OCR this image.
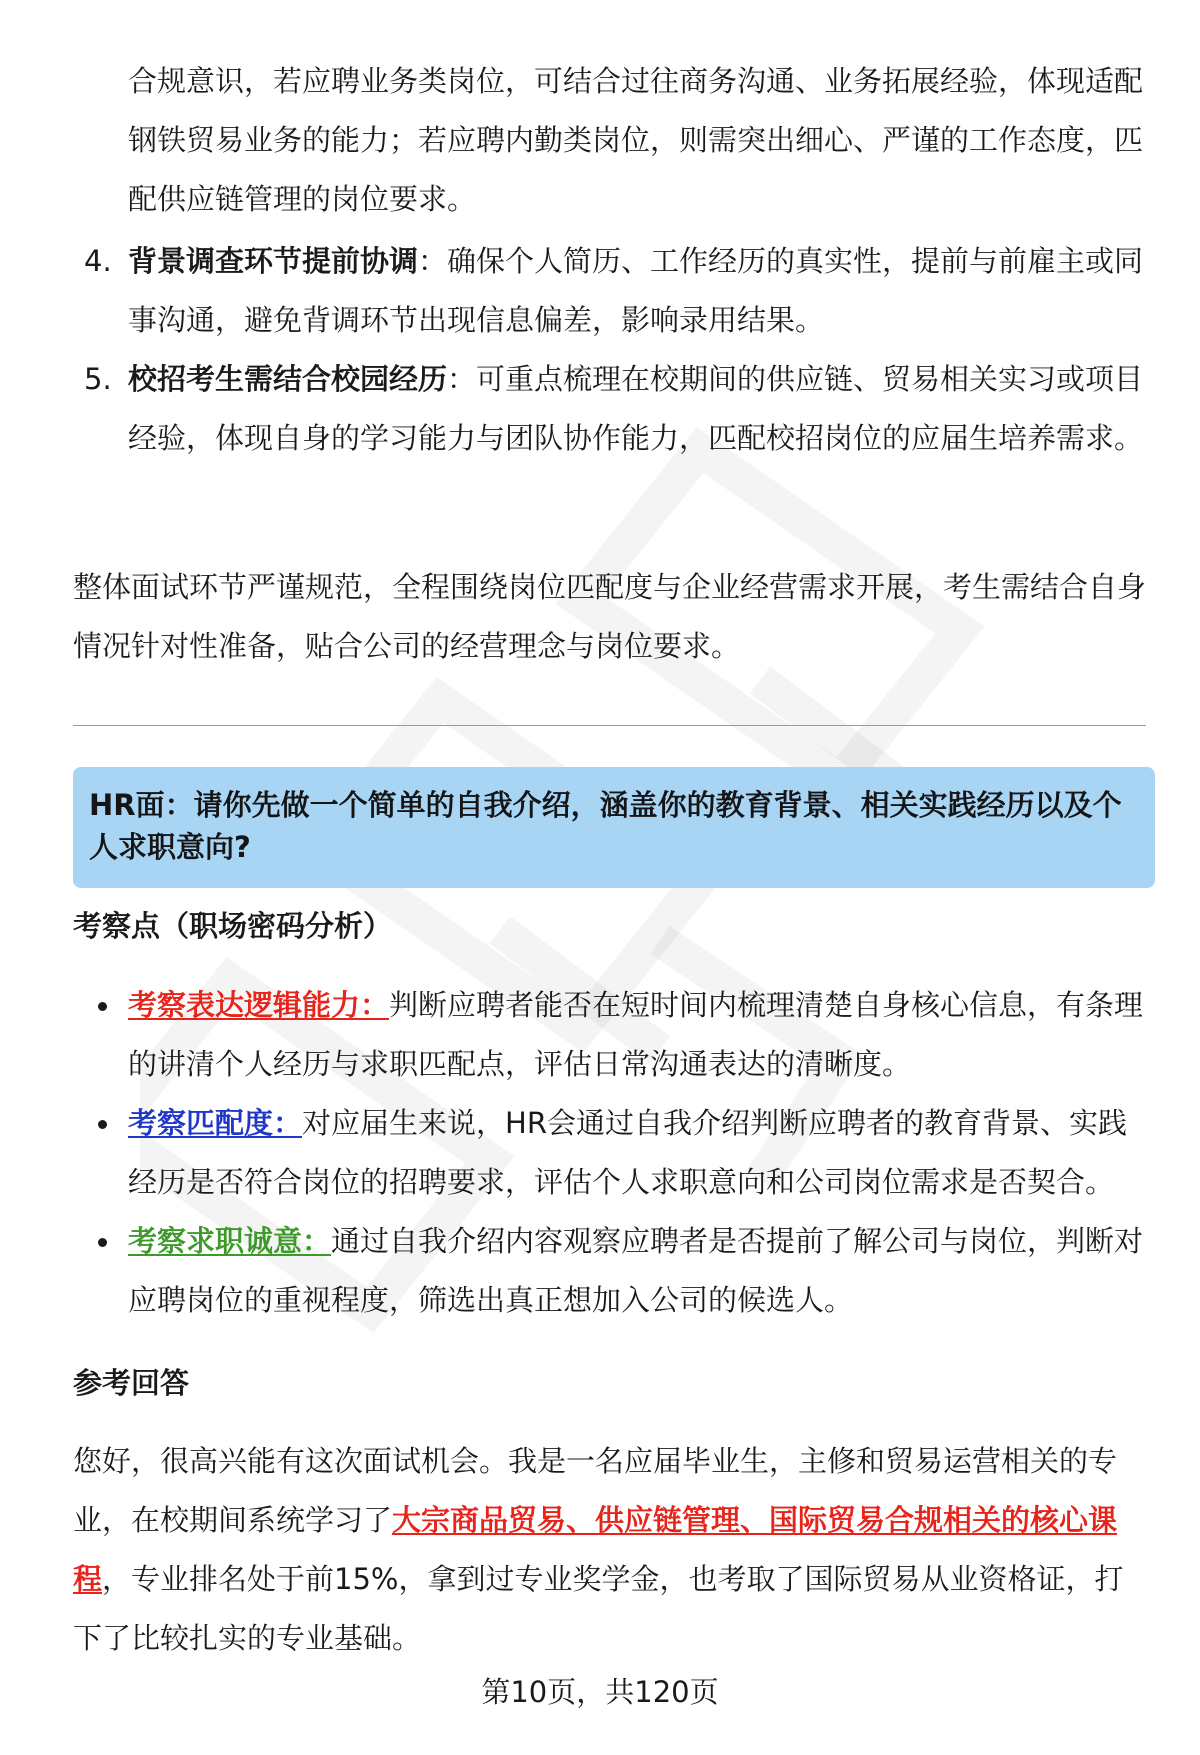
合规意识，若应聘业务类岗位，可结合过往商务沟通、业务拓展经验，体现适配钢铁贸易业务的能力；若应聘内勤类岗位，则需突出细心、严谨的工作态度，匹配供应链管理的岗位要求。

4. 背景调查环节提前协调：确保个人简历、工作经历的真实性，提前与前雇主或同事沟通，避免背调环节出现信息偏差，影响录用结果。
5. 校招考生需结合校园经历：可重点梳理在校期间的供应链、贸易相关实习或项目经验，体现自身的学习能力与团队协作能力，匹配校招岗位的应届生培养需求。

整体面试环节严谨规范，全程围绕岗位匹配度与企业经营需求开展，考生需结合自身情况针对性准备，贴合公司的经营理念与岗位要求。

HR面：请你先做一个简单的自我介绍，涵盖你的教育背景、相关实践经历以及个人求职意向?
考察点（职场密码分析）
考察表达逻辑能力：判断应聘者能否在短时间内梳理清楚自身核心信息，有条理的讲清个人经历与求职匹配点，评估日常沟通表达的清晰度。
考察匹配度：对应届生来说，HR会通过自我介绍判断应聘者的教育背景、实践经历是否符合岗位的招聘要求，评估个人求职意向和公司岗位需求是否契合。
考察求职诚意：通过自我介绍内容观察应聘者是否提前了解公司与岗位，判断对应聘岗位的重视程度，筛选出真正想加入公司的候选人。
参考回答

您好，很高兴能有这次面试机会。我是一名应届毕业生，主修和贸易运营相关的专业，在校期间系统学习了大宗商品贸易、供应链管理、国际贸易合规相关的核心课程，专业排名处于前15%，拿到过专业奖学金，也考取了国际贸易从业资格证，打下了比较扎实的专业基础。

第10页，共120页
